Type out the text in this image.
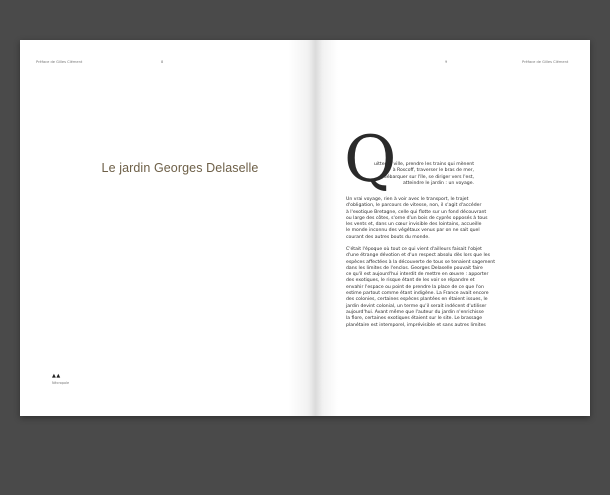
Préface de Gilles Clément	8
Le jardin Georges Delaselle
▲▲
Nécropole
9	Préface de Gilles Clément
Q
uitter la ville, prendre les trains qui mènent
à Roscoff, traverser le bras de mer,
débarquer sur l'île, se diriger vers l'est,
atteindre le jardin : un voyage.
Un vrai voyage, rien à voir avec le transport, le trajet
d'obligation, le parcours de vitesse, non, il s'agit d'accéder
à l'exotique Bretagne, celle qui flotte sur un fond découvrant
ou large des côtes, s'orne d'un bois de cyprès opposés à tous
les vents et, dans un cœur invisible des lointains, accueille
le monde inconnu des végétaux venus par on ne sait quel
courant des autres bouts du monde.
C'était l'époque où tout ce qui vient d'ailleurs faisait l'objet
d'une étrange dévotion et d'un respect absolu dès lors que les
espèces affectées à la découverte de tous se tenaient sagement
dans les limites de l'enclos. Georges Delaselle pouvait faire
ce qu'il est aujourd'hui interdit de mettre en œuvre : apporter
des exotiques, le risque étant de les voir se répandre et
envahir l'espace ou point de prendre la place de ce que l'on
estime partout comme étant indigène. La France avait encore
des colonies, certaines espèces plantées en étaient issues, le
jardin devint colonial, un terme qu'il serait indécent d'utiliser
aujourd'hui. Avant même que l'auteur du jardin n'enrichisse
la flore, certaines exotiques étaient sur le site. Le brassage
planétaire est intemporel, imprévisible et sans autres limites
